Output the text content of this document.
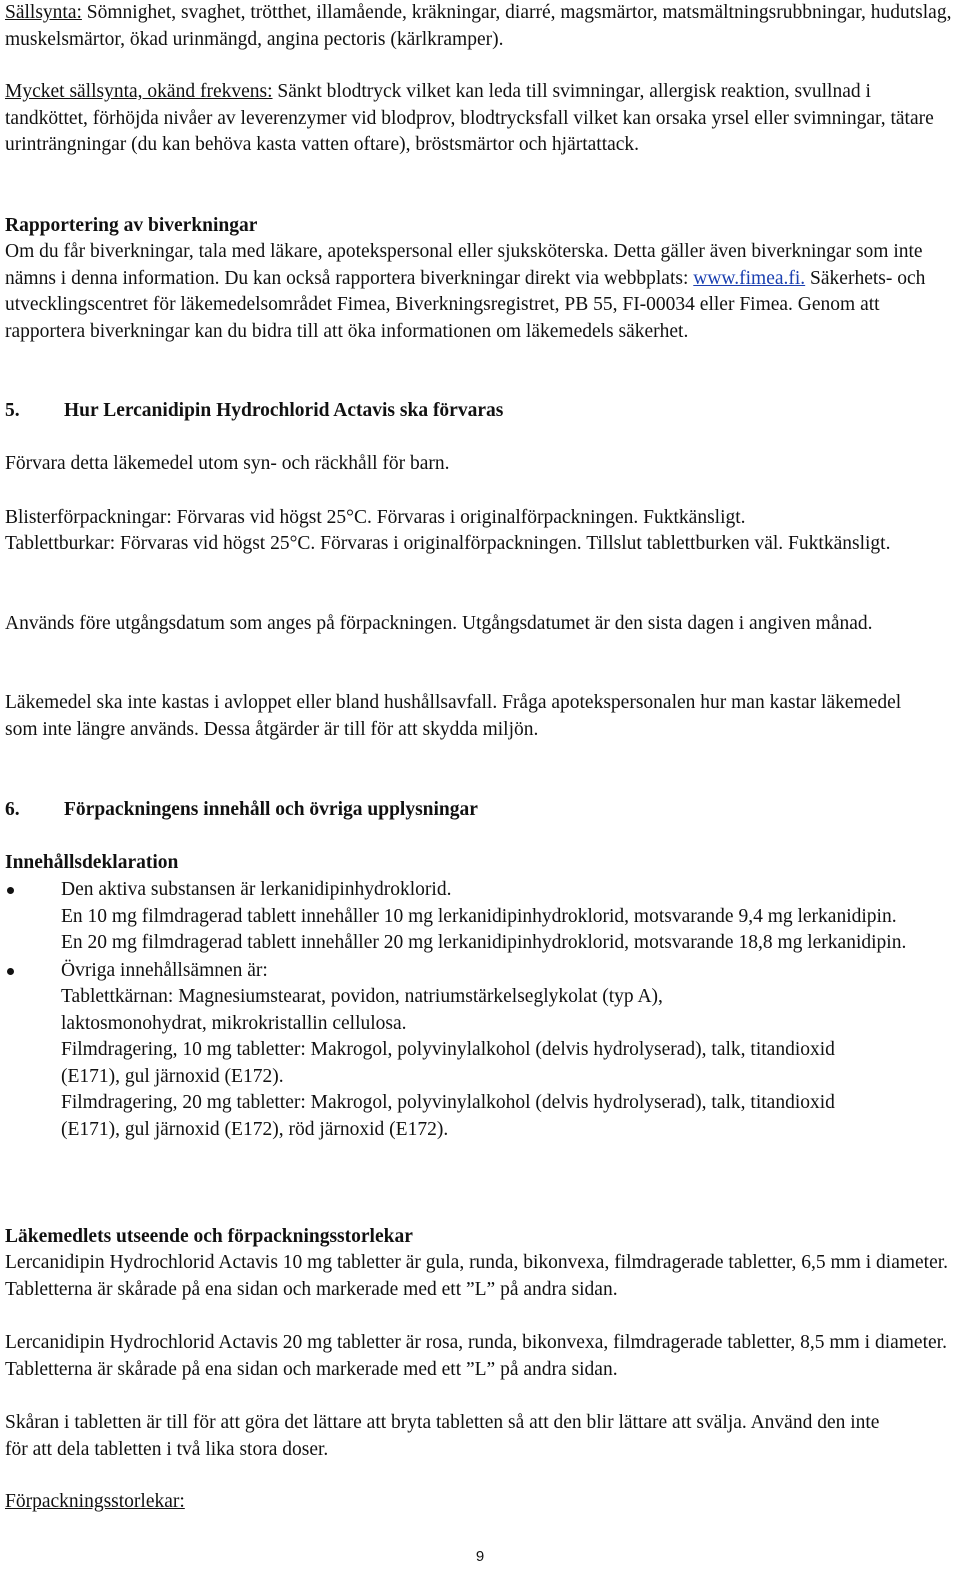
Sällsynta: Sömnighet, svaghet, trötthet, illamående, kräkningar, diarré, magsmärtor, matsmältningsrubbningar, hudutslag, muskelsmärtor, ökad urinmängd, angina pectoris (kärlkramper).

Mycket sällsynta, okänd frekvens: Sänkt blodtryck vilket kan leda till svimningar, allergisk reaktion, svullnad i tandköttet, förhöjda nivåer av leverenzymer vid blodprov, blodtrycksfall vilket kan orsaka yrsel eller svimningar, tätare urinträngningar (du kan behöva kasta vatten oftare), bröstsmärtor och hjärtattack.

Rapportering av biverkningar

Om du får biverkningar, tala med läkare, apotekspersonal eller sjuksköterska. Detta gäller även biverkningar som inte nämns i denna information. Du kan också rapportera biverkningar direkt via webbplats: www.fimea.fi. Säkerhets- och utvecklingscentret för läkemedelsområdet Fimea, Biverkningsregistret, PB 55, FI-00034 eller Fimea. Genom att rapportera biverkningar kan du bidra till att öka informationen om läkemedels säkerhet.

5. Hur Lercanidipin Hydrochlorid Actavis ska förvaras

Förvara detta läkemedel utom syn- och räckhåll för barn.

Blisterförpackningar: Förvaras vid högst 25°C. Förvaras i originalförpackningen. Fuktkänsligt.

Tablettburkar: Förvaras vid högst 25°C. Förvaras i originalförpackningen. Tillslut tablettburken väl. Fuktkänsligt.

Används före utgångsdatum som anges på förpackningen. Utgångsdatumet är den sista dagen i angiven månad.

Läkemedel ska inte kastas i avloppet eller bland hushållsavfall. Fråga apotekspersonalen hur man kastar läkemedel som inte längre används. Dessa åtgärder är till för att skydda miljön.

6. Förpackningens innehåll och övriga upplysningar

Innehållsdeklaration

Den aktiva substansen är lerkanidipinhydroklorid.
En 10 mg filmdragerad tablett innehåller 10 mg lerkanidipinhydroklorid, motsvarande 9,4 mg lerkanidipin.
En 20 mg filmdragerad tablett innehåller 20 mg lerkanidipinhydroklorid, motsvarande 18,8 mg lerkanidipin.
Övriga innehållsämnen är:
Tablettkärnan: Magnesiumstearat, povidon, natriumstärkelseglykolat (typ A), laktosmonohydrat, mikrokristallin cellulosa.
Filmdragering, 10 mg tabletter: Makrogol, polyvinylalkohol (delvis hydrolyserad), talk, titandioxid (E171), gul järnoxid (E172).
Filmdragering, 20 mg tabletter: Makrogol, polyvinylalkohol (delvis hydrolyserad), talk, titandioxid (E171), gul järnoxid (E172), röd järnoxid (E172).

Läkemedlets utseende och förpackningsstorlekar

Lercanidipin Hydrochlorid Actavis 10 mg tabletter är gula, runda, bikonvexa, filmdragerade tabletter, 6,5 mm i diameter. Tabletterna är skårade på ena sidan och markerade med ett ”L” på andra sidan.

Lercanidipin Hydrochlorid Actavis 20 mg tabletter är rosa, runda, bikonvexa, filmdragerade tabletter, 8,5 mm i diameter. Tabletterna är skårade på ena sidan och markerade med ett ”L” på andra sidan.

Skåran i tabletten är till för att göra det lättare att bryta tabletten så att den blir lättare att svälja. Använd den inte för att dela tabletten i två lika stora doser.

Förpackningsstorlekar:

9
